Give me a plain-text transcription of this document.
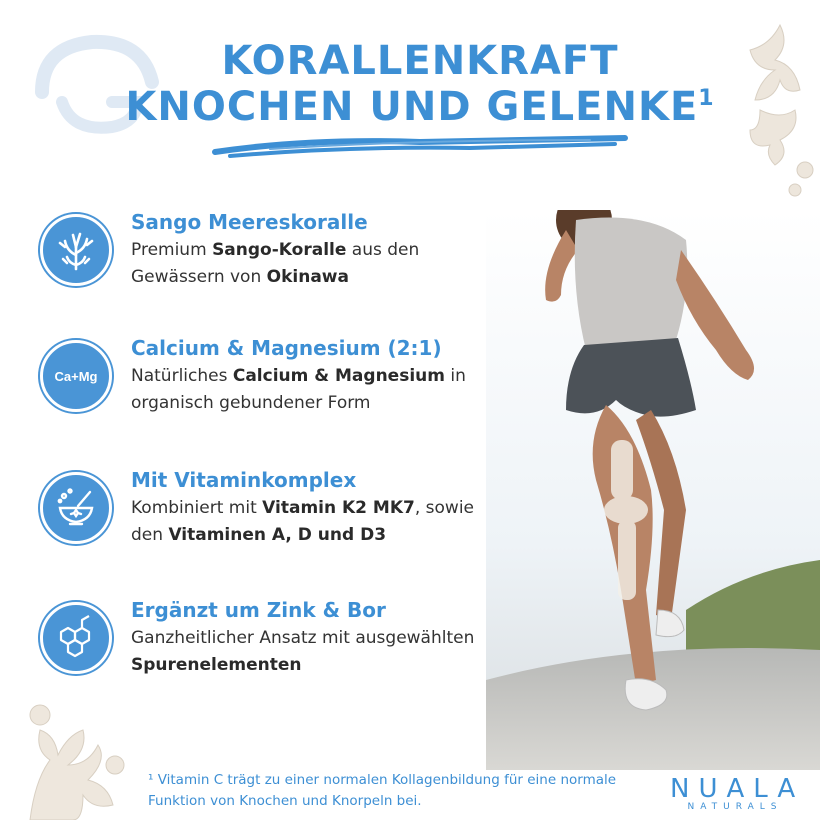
KORALLENKRAFT
KNOCHEN UND GELENKE$^1$
Sango Meereskoralle
Premium Sango-Koralle aus den Gewässern von Okinawa
Ca+Mg
Calcium & Magnesium (2:1)
Natürliches Calcium & Magnesium in organisch gebundener Form
Mit Vitaminkomplex
Kombiniert mit Vitamin K2 MK7, sowie den Vitaminen A, D und D3
Ergänzt um Zink & Bor
Ganzheitlicher Ansatz mit ausgewählten Spurenelementen
¹ Vitamin C trägt zu einer normalen Kollagenbildung für eine normale Funktion von Knochen und Knorpeln bei.	NUALA
NATURALS
